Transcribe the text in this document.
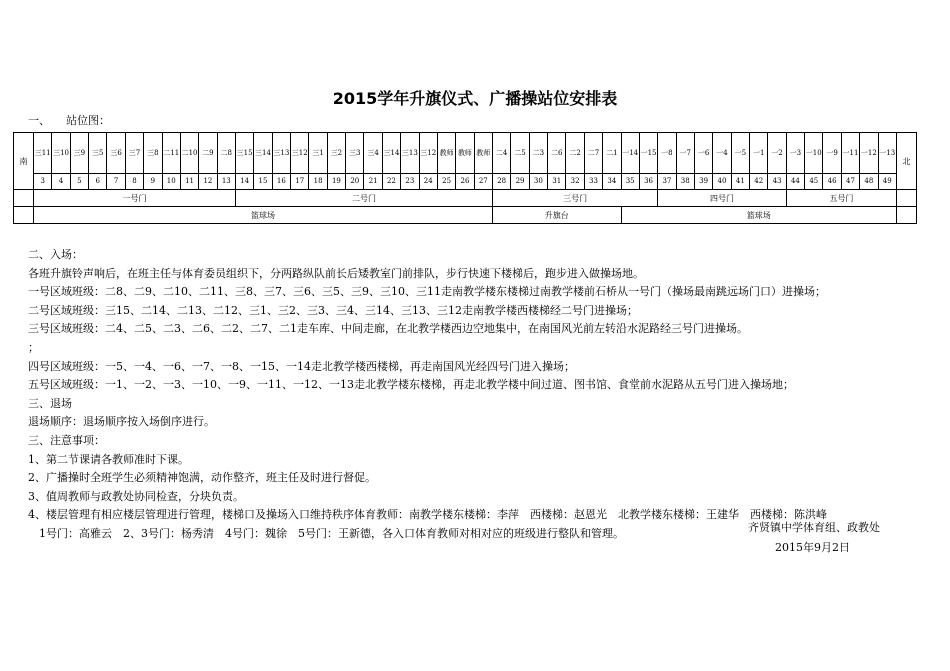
2015学年升旗仪式、广播操站位安排表
一、 站位图：
南	三11	三10	三9	三5	三6	三7	三8	二11	二10	二9	二8	三15	三14	三13	三12	三1	三2	三3	三4	三14	三13	三12	教师	教师	教师	二4	二5	二3	二6	二2	二7	二1	一14	一15	一8	一7	一6	一4	一5	一1	一2	一3	一10	一9	一11	一12	一13	北
	3	4	5	6	7	8	9	10	11	12	13	14	15	16	17	18	19	20	21	22	23	24	25	26	27	28	29	30	31	32	33	34	35	36	37	38	39	40	41	42	43	44	45	46	47	48	49	
	一号门											二号门														三号门									四号门							五号门						
	篮球场																									升旗台							篮球场															
二、入场：
各班升旗铃声响后，在班主任与体育委员组织下，分两路纵队前长后矮教室门前排队，步行快速下楼梯后，跑步进入做操场地。
一号区域班级：二8、二9、二10、二11、三8、三7、三6、三5、三9、三10、三11走南教学楼东楼梯过南教学楼前石桥从一号门（操场最南跳远场门口）进操场；
二号区域班级：三15、二14、二13、二12、三1、三2、三3、三4、三14、三13、三12走南教学楼西楼梯经二号门进操场；
三号区域班级：二4、二5、二3、二6、二2、二7、二1走车库、中间走廊，在北教学楼西边空地集中，在南国风光前左转沿水泥路经三号门进操场。
；
四号区域班级：一5、一4、一6、一7、一8、一15、一14走北教学楼西楼梯，再走南国风光经四号门进入操场；
五号区域班级：一1、一2、一3、一10、一9、一11、一12、一13走北教学楼东楼梯，再走北教学楼中间过道、图书馆、食堂前水泥路从五号门进入操场地；
三、退场
退场顺序：退场顺序按入场倒序进行。
三、注意事项：
1、第二节课请各教师准时下课。
2、广播操时全班学生必须精神饱满，动作整齐，班主任及时进行督促。
3、值周教师与政教处协同检查，分块负责。
4、楼层管理有相应楼层管理进行管理，楼梯口及操场入口维持秩序体育教师：南教学楼东楼梯：李萍　西楼梯：赵恩光　北教学楼东楼梯：王建华　西楼梯：陈洪峰
　1号门：高雅云　2、3号门：杨秀清　4号门：魏徐　5号门：王新德，各入口体育教师对相对应的班级进行整队和管理。	齐贤镇中学体育组、政教处
2015年9月2日
